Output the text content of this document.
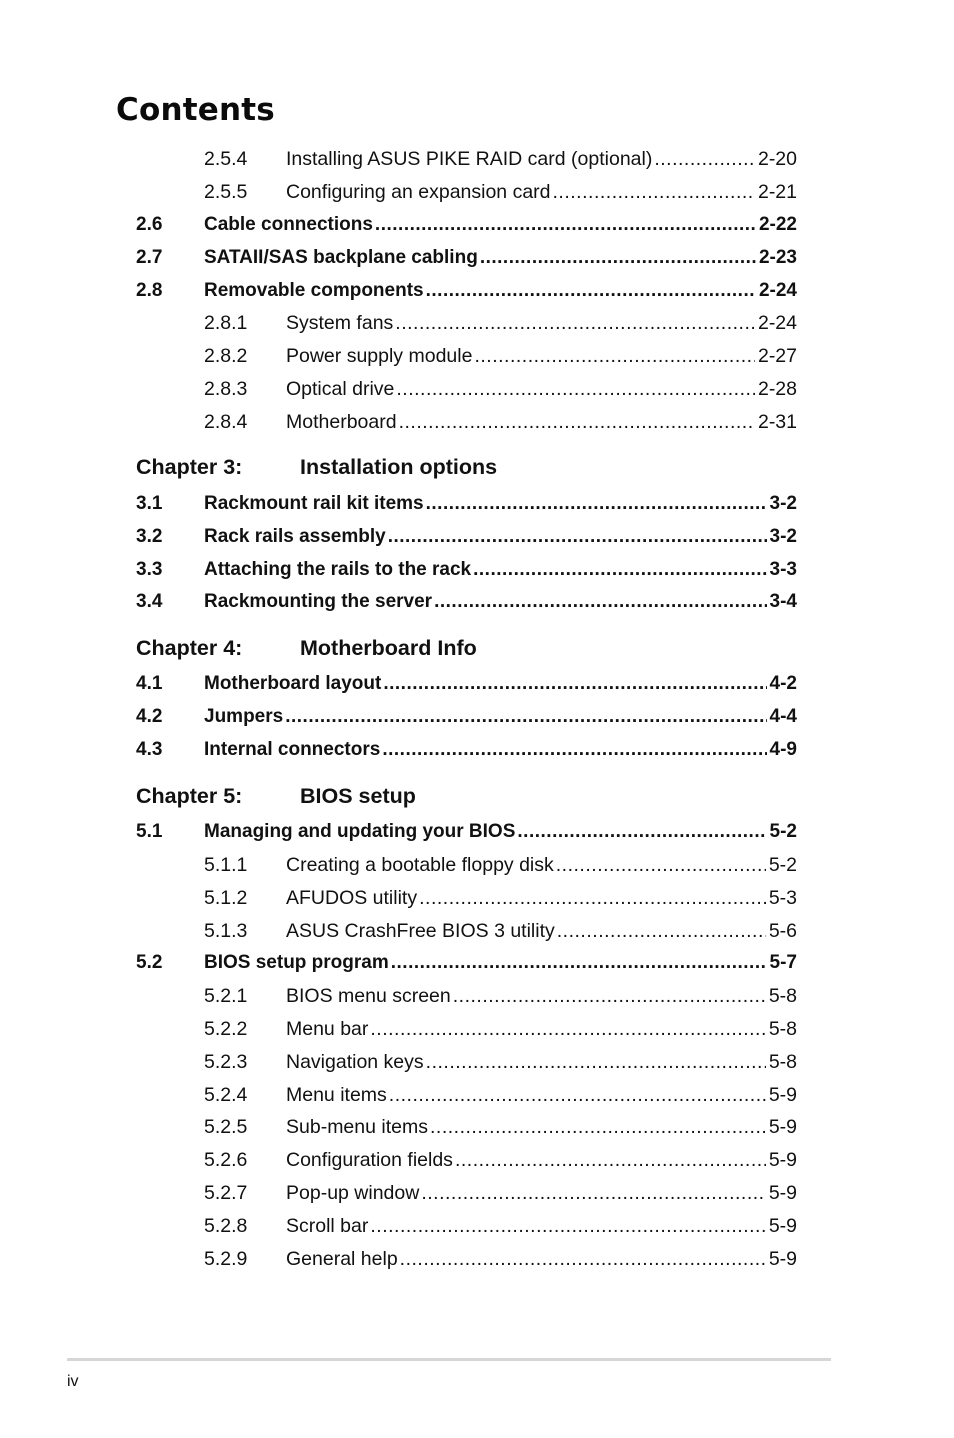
Contents
2.5.4	Installing ASUS PIKE RAID card (optional) .....	2-20
2.5.5	Configuring an expansion card .....	2-21
2.6	Cable connections .....	2-22
2.7	SATAII/SAS backplane cabling .....	2-23
2.8	Removable components .....	2-24
2.8.1	System fans .....	2-24
2.8.2	Power supply module .....	2-27
2.8.3	Optical drive .....	2-28
2.8.4	Motherboard .....	2-31
Chapter 3:	Installation options
3.1	Rackmount rail kit items .....	3-2
3.2	Rack rails assembly .....	3-2
3.3	Attaching the rails to the rack .....	3-3
3.4	Rackmounting the server .....	3-4
Chapter 4:	Motherboard Info
4.1	Motherboard layout .....	4-2
4.2	Jumpers .....	4-4
4.3	Internal connectors .....	4-9
Chapter 5:	BIOS setup
5.1	Managing and updating your BIOS .....	5-2
5.1.1	Creating a bootable floppy disk .....	5-2
5.1.2	AFUDOS utility .....	5-3
5.1.3	ASUS CrashFree BIOS 3 utility .....	5-6
5.2	BIOS setup program .....	5-7
5.2.1	BIOS menu screen .....	5-8
5.2.2	Menu bar .....	5-8
5.2.3	Navigation keys .....	5-8
5.2.4	Menu items .....	5-9
5.2.5	Sub-menu items .....	5-9
5.2.6	Configuration fields .....	5-9
5.2.7	Pop-up window .....	5-9
5.2.8	Scroll bar .....	5-9
5.2.9	General help .....	5-9
iv
